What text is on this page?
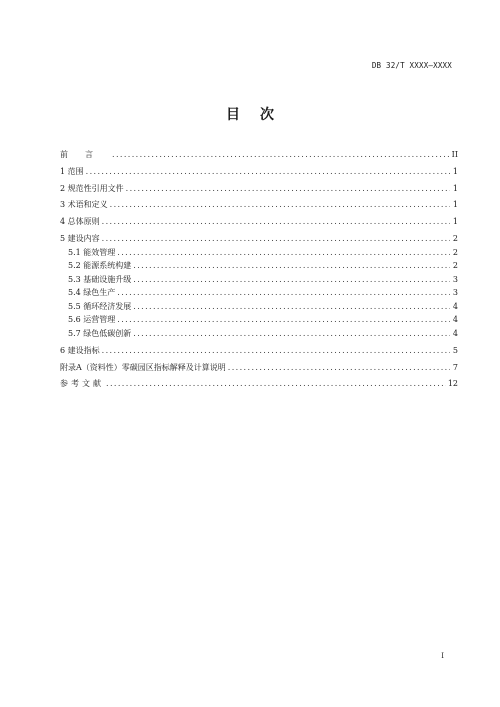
DB 32/T XXXX—XXXX
目次
前言 .....	II
1 范围 .....	1
2 规范性引用文件 .....	1
3 术语和定义 .....	1
4 总体原则 .....	1
5 建设内容 .....	2
5.1 能效管理 .....	2
5.2 能源系统构建 .....	2
5.3 基础设施升级 .....	3
5.4 绿色生产 .....	3
5.5 循环经济发展 .....	4
5.6 运营管理 .....	4
5.7 绿色低碳创新 .....	4
6 建设指标 .....	5
附录A（资料性）零碳园区指标解释及计算说明 .....	7
参考文献 .....	12
I
